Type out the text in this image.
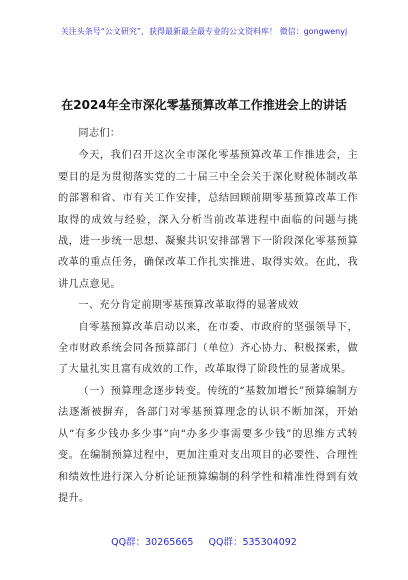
关注头条号“公文研究”，获得最新最全最专业的公文资料库！ 微信：gongwenyj
在2024年全市深化零基预算改革工作推进会上的讲话

同志们：

今天，我们召开这次全市深化零基预算改革工作推进会，主要目的是为贯彻落实党的二十届三中全会关于深化财税体制改革的部署和省、市有关工作安排，总结回顾前期零基预算改革工作取得的成效与经验，深入分析当前改革进程中面临的问题与挑战，进一步统一思想、凝聚共识安排部署下一阶段深化零基预算改革的重点任务，确保改革工作扎实推进、取得实效。在此，我讲几点意见。

一、充分肯定前期零基预算改革取得的显著成效

自零基预算改革启动以来，在市委、市政府的坚强领导下，全市财政系统会同各预算部门（单位）齐心协力、积极探索，做了大量扎实且富有成效的工作，改革取得了阶段性的显著成果。

（一）预算理念逐步转变。传统的“基数加增长”预算编制方法逐渐被摒弃，各部门对零基预算理念的认识不断加深，开始从“有多少钱办多少事”向“办多少事需要多少钱”的思维方式转变。在编制预算过程中，更加注重对支出项目的必要性、合理性和绩效性进行深入分析论证预算编制的科学性和精准性得到有效提升。

QQ群：30265665 QQ群：535304092
